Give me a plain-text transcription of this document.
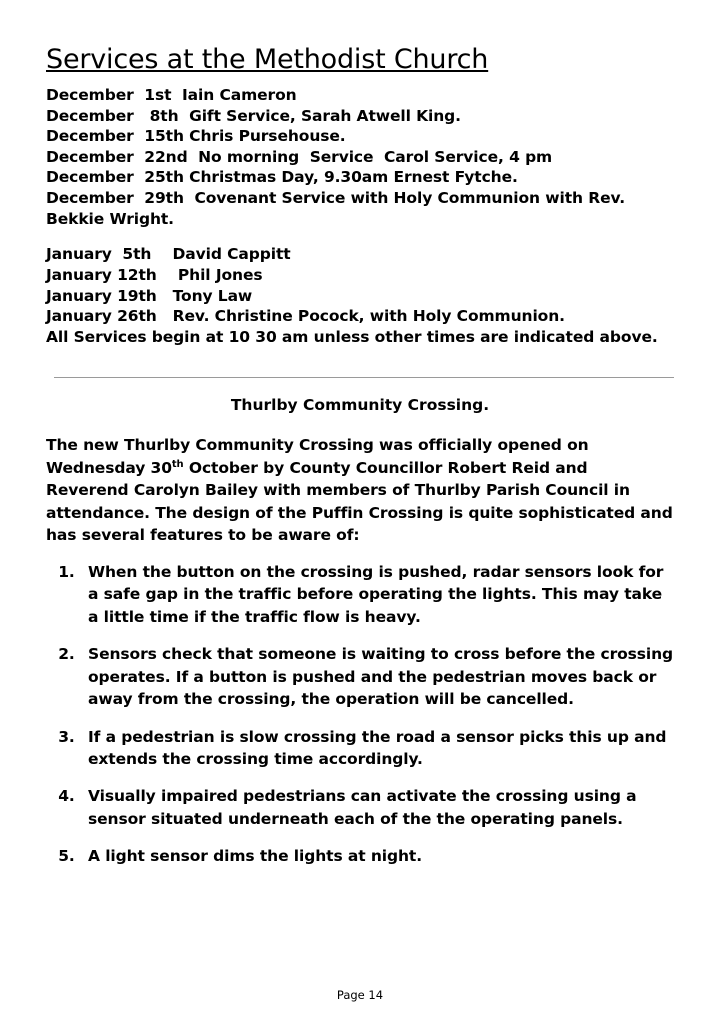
Services at the Methodist Church
December  1st  Iain Cameron
December   8th  Gift Service, Sarah Atwell King.
December  15th Chris Pursehouse.
December  22nd  No morning  Service  Carol Service, 4 pm
December  25th Christmas Day, 9.30am Ernest Fytche.
December  29th  Covenant Service with Holy Communion with Rev.
Bekkie Wright.
January  5th    David Cappitt
January 12th    Phil Jones
January 19th   Tony Law
January 26th   Rev. Christine Pocock, with Holy Communion.
All Services begin at 10 30 am unless other times are indicated above.
Thurlby Community Crossing.

The new Thurlby Community Crossing was officially opened on Wednesday 30th October by County Councillor Robert Reid and Reverend Carolyn Bailey with members of Thurlby Parish Council in attendance. The design of the Puffin Crossing is quite sophisticated and has several features to be aware of:

1. When the button on the crossing is pushed, radar sensors look for a safe gap in the traffic before operating the lights. This may take a little time if the traffic flow is heavy.
2. Sensors check that someone is waiting to cross before the crossing operates. If a button is pushed and the pedestrian moves back or away from the crossing, the operation will be cancelled.
3. If a pedestrian is slow crossing the road a sensor picks this up and extends the crossing time accordingly.
4. Visually impaired pedestrians can activate the crossing using a sensor situated underneath each of the the operating panels.
5. A light sensor dims the lights at night.
Page 14
